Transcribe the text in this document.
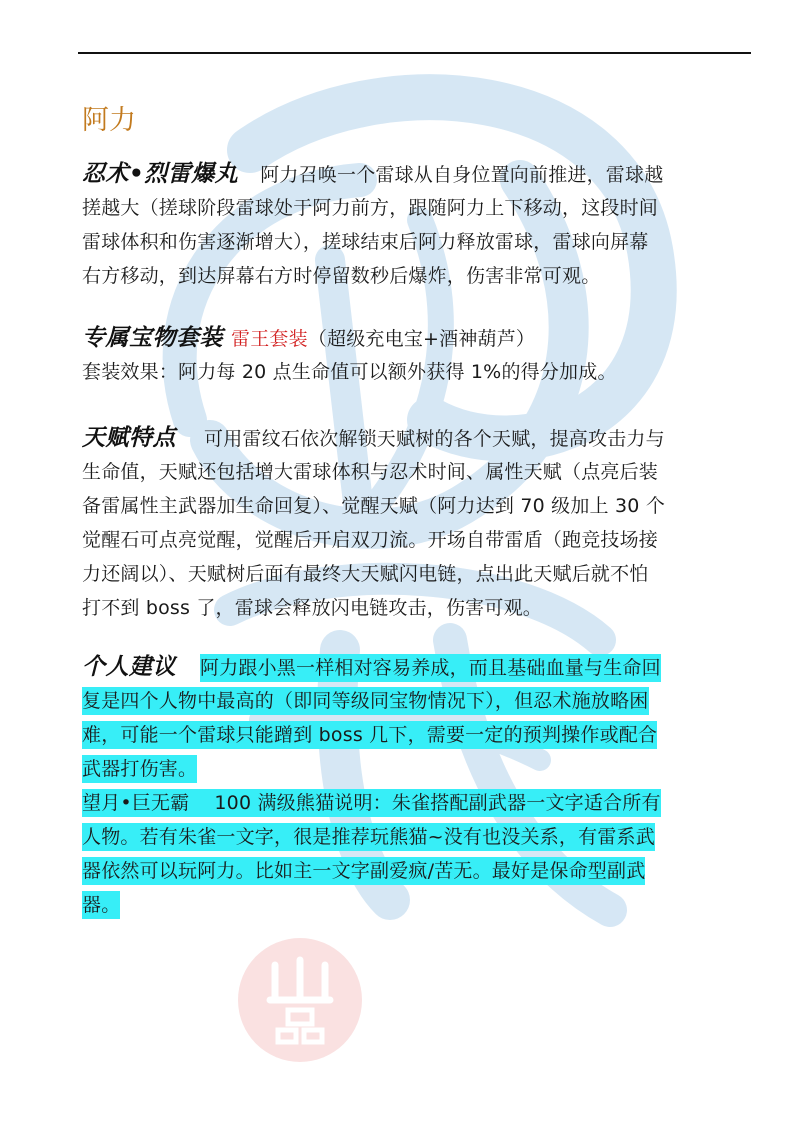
阿力
忍术•烈雷爆丸 阿力召唤一个雷球从自身位置向前推进，雷球越
搓越大（搓球阶段雷球处于阿力前方，跟随阿力上下移动，这段时间
雷球体积和伤害逐渐增大），搓球结束后阿力释放雷球，雷球向屏幕
右方移动，到达屏幕右方时停留数秒后爆炸，伤害非常可观。
专属宝物套装 雷王套装（超级充电宝+酒神葫芦）
套装效果：阿力每 20 点生命值可以额外获得 1%的得分加成。
天赋特点 可用雷纹石依次解锁天赋树的各个天赋，提高攻击力与
生命值，天赋还包括增大雷球体积与忍术时间、属性天赋（点亮后装
备雷属性主武器加生命回复）、觉醒天赋（阿力达到 70 级加上 30 个
觉醒石可点亮觉醒，觉醒后开启双刀流。开场自带雷盾（跑竞技场接
力还阔以）、天赋树后面有最终大天赋闪电链，点出此天赋后就不怕
打不到 boss 了，雷球会释放闪电链攻击，伤害可观。
个人建议 阿力跟小黑一样相对容易养成，而且基础血量与生命回
复是四个人物中最高的（即同等级同宝物情况下），但忍术施放略困
难，可能一个雷球只能蹭到 boss 几下，需要一定的预判操作或配合
武器打伤害。
望月•巨无霸    100 满级熊猫说明：朱雀搭配副武器一文字适合所有
人物。若有朱雀一文字，很是推荐玩熊猫~没有也没关系，有雷系武
器依然可以玩阿力。比如主一文字副爱疯/苦无。最好是保命型副武
器。
